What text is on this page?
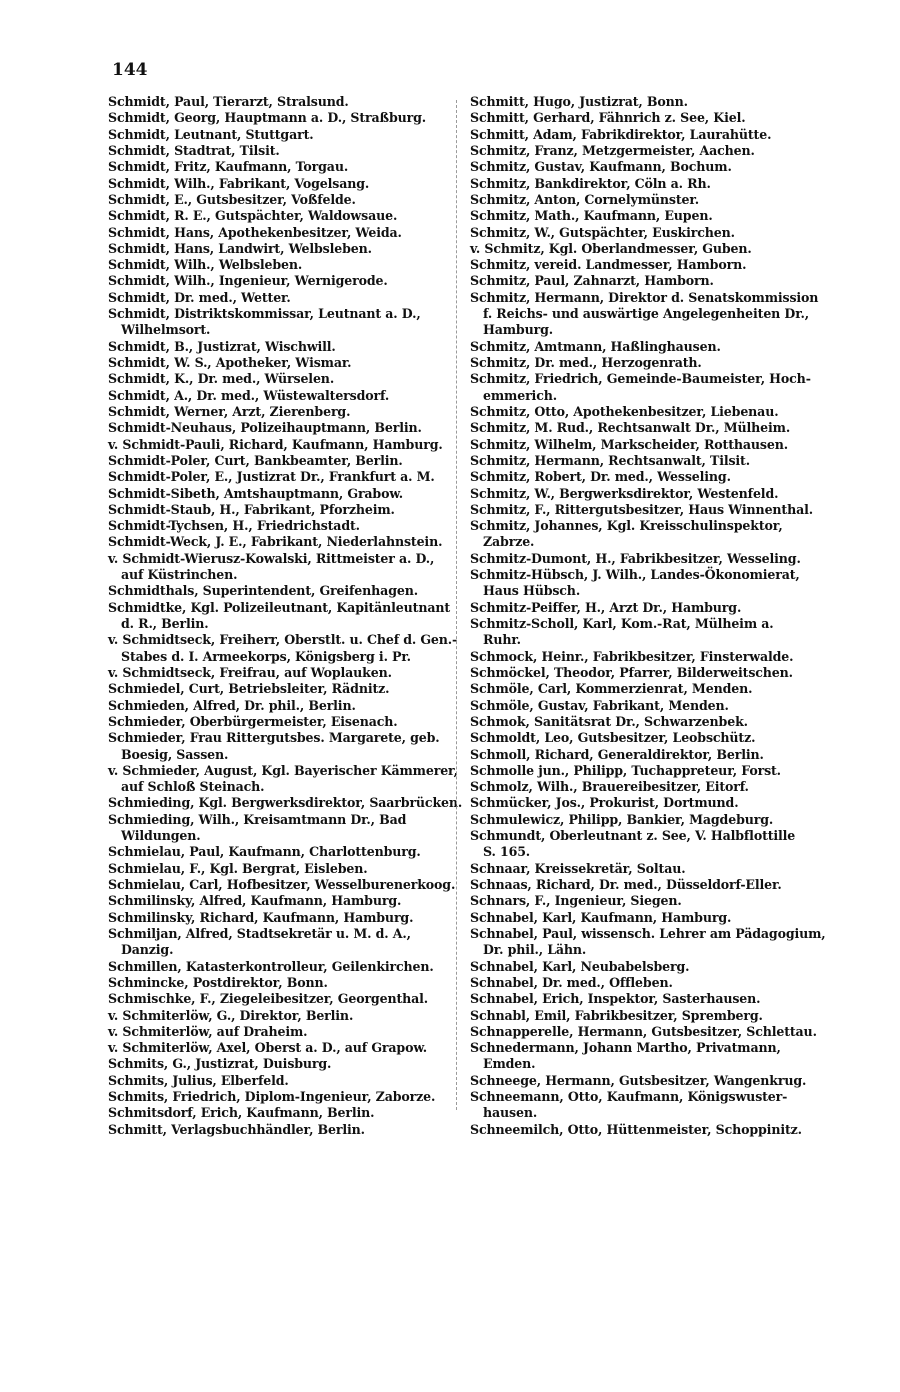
144
Schmidt, Paul, Tierarzt, Stralsund.
Schmidt, Georg, Hauptmann a. D., Straßburg.
Schmidt, Leutnant, Stuttgart.
Schmidt, Stadtrat, Tilsit.
Schmidt, Fritz, Kaufmann, Torgau.
Schmidt, Wilh., Fabrikant, Vogelsang.
Schmidt, E., Gutsbesitzer, Voßfelde.
Schmidt, R. E., Gutspächter, Waldowsaue.
Schmidt, Hans, Apothekenbesitzer, Weida.
Schmidt, Hans, Landwirt, Welbsleben.
Schmidt, Wilh., Welbsleben.
Schmidt, Wilh., Ingenieur, Wernigerode.
Schmidt, Dr. med., Wetter.
Schmidt, Distriktskommissar, Leutnant a. D.,
Wilhelmsort.
Schmidt, B., Justizrat, Wischwill.
Schmidt, W. S., Apotheker, Wismar.
Schmidt, K., Dr. med., Würselen.
Schmidt, A., Dr. med., Wüstewaltersdorf.
Schmidt, Werner, Arzt, Zierenberg.
Schmidt-Neuhaus, Polizeihauptmann, Berlin.
v. Schmidt-Pauli, Richard, Kaufmann, Hamburg.
Schmidt-Poler, Curt, Bankbeamter, Berlin.
Schmidt-Poler, E., Justizrat Dr., Frankfurt a. M.
Schmidt-Sibeth, Amtshauptmann, Grabow.
Schmidt-Staub, H., Fabrikant, Pforzheim.
Schmidt-Tychsen, H., Friedrichstadt.
Schmidt-Weck, J. E., Fabrikant, Niederlahnstein.
v. Schmidt-Wierusz-Kowalski, Rittmeister a. D.,
auf Küstrinchen.
Schmidthals, Superintendent, Greifenhagen.
Schmidtke, Kgl. Polizeileutnant, Kapitänleutnant
d. R., Berlin.
v. Schmidtseck, Freiherr, Oberstlt. u. Chef d. Gen.-
Stabes d. I. Armeekorps, Königsberg i. Pr.
v. Schmidtseck, Freifrau, auf Woplauken.
Schmiedel, Curt, Betriebsleiter, Rädnitz.
Schmieden, Alfred, Dr. phil., Berlin.
Schmieder, Oberbürgermeister, Eisenach.
Schmieder, Frau Rittergutsbes. Margarete, geb.
Boesig, Sassen.
v. Schmieder, August, Kgl. Bayerischer Kämmerer,
auf Schloß Steinach.
Schmieding, Kgl. Bergwerksdirektor, Saarbrücken.
Schmieding, Wilh., Kreisamtmann Dr., Bad
Wildungen.
Schmielau, Paul, Kaufmann, Charlottenburg.
Schmielau, F., Kgl. Bergrat, Eisleben.
Schmielau, Carl, Hofbesitzer, Wesselburenerkoog.
Schmilinsky, Alfred, Kaufmann, Hamburg.
Schmilinsky, Richard, Kaufmann, Hamburg.
Schmiljan, Alfred, Stadtsekretär u. M. d. A.,
Danzig.
Schmillen, Katasterkontrolleur, Geilenkirchen.
Schmincke, Postdirektor, Bonn.
Schmischke, F., Ziegeleibesitzer, Georgenthal.
v. Schmiterlöw, G., Direktor, Berlin.
v. Schmiterlöw, auf Draheim.
v. Schmiterlöw, Axel, Oberst a. D., auf Grapow.
Schmits, G., Justizrat, Duisburg.
Schmits, Julius, Elberfeld.
Schmits, Friedrich, Diplom-Ingenieur, Zaborze.
Schmitsdorf, Erich, Kaufmann, Berlin.
Schmitt, Verlagsbuchhändler, Berlin.
Schmitt, Hugo, Justizrat, Bonn.
Schmitt, Gerhard, Fähnrich z. See, Kiel.
Schmitt, Adam, Fabrikdirektor, Laurahütte.
Schmitz, Franz, Metzgermeister, Aachen.
Schmitz, Gustav, Kaufmann, Bochum.
Schmitz, Bankdirektor, Cöln a. Rh.
Schmitz, Anton, Cornelymünster.
Schmitz, Math., Kaufmann, Eupen.
Schmitz, W., Gutspächter, Euskirchen.
v. Schmitz, Kgl. Oberlandmesser, Guben.
Schmitz, vereid. Landmesser, Hamborn.
Schmitz, Paul, Zahnarzt, Hamborn.
Schmitz, Hermann, Direktor d. Senatskommission
f. Reichs- und auswärtige Angelegenheiten Dr.,
Hamburg.
Schmitz, Amtmann, Haßlinghausen.
Schmitz, Dr. med., Herzogenrath.
Schmitz, Friedrich, Gemeinde-Baumeister, Hoch-
emmerich.
Schmitz, Otto, Apothekenbesitzer, Liebenau.
Schmitz, M. Rud., Rechtsanwalt Dr., Mülheim.
Schmitz, Wilhelm, Markscheider, Rotthausen.
Schmitz, Hermann, Rechtsanwalt, Tilsit.
Schmitz, Robert, Dr. med., Wesseling.
Schmitz, W., Bergwerksdirektor, Westenfeld.
Schmitz, F., Rittergutsbesitzer, Haus Winnenthal.
Schmitz, Johannes, Kgl. Kreisschulinspektor,
Zabrze.
Schmitz-Dumont, H., Fabrikbesitzer, Wesseling.
Schmitz-Hübsch, J. Wilh., Landes-Ökonomierat,
Haus Hübsch.
Schmitz-Peiffer, H., Arzt Dr., Hamburg.
Schmitz-Scholl, Karl, Kom.-Rat, Mülheim a.
Ruhr.
Schmock, Heinr., Fabrikbesitzer, Finsterwalde.
Schmöckel, Theodor, Pfarrer, Bilderweitschen.
Schmöle, Carl, Kommerzienrat, Menden.
Schmöle, Gustav, Fabrikant, Menden.
Schmok, Sanitätsrat Dr., Schwarzenbek.
Schmoldt, Leo, Gutsbesitzer, Leobschütz.
Schmoll, Richard, Generaldirektor, Berlin.
Schmolle jun., Philipp, Tuchappreteur, Forst.
Schmolz, Wilh., Brauereibesitzer, Eitorf.
Schmücker, Jos., Prokurist, Dortmund.
Schmulewicz, Philipp, Bankier, Magdeburg.
Schmundt, Oberleutnant z. See, V. Halbflottille
S. 165.
Schnaar, Kreissekretär, Soltau.
Schnaas, Richard, Dr. med., Düsseldorf-Eller.
Schnars, F., Ingenieur, Siegen.
Schnabel, Karl, Kaufmann, Hamburg.
Schnabel, Paul, wissensch. Lehrer am Pädagogium,
Dr. phil., Lähn.
Schnabel, Karl, Neubabelsberg.
Schnabel, Dr. med., Offleben.
Schnabel, Erich, Inspektor, Sasterhausen.
Schnabl, Emil, Fabrikbesitzer, Spremberg.
Schnapperelle, Hermann, Gutsbesitzer, Schlettau.
Schnedermann, Johann Martho, Privatmann,
Emden.
Schneege, Hermann, Gutsbesitzer, Wangenkrug.
Schneemann, Otto, Kaufmann, Königswuster-
hausen.
Schneemilch, Otto, Hüttenmeister, Schoppinitz.
